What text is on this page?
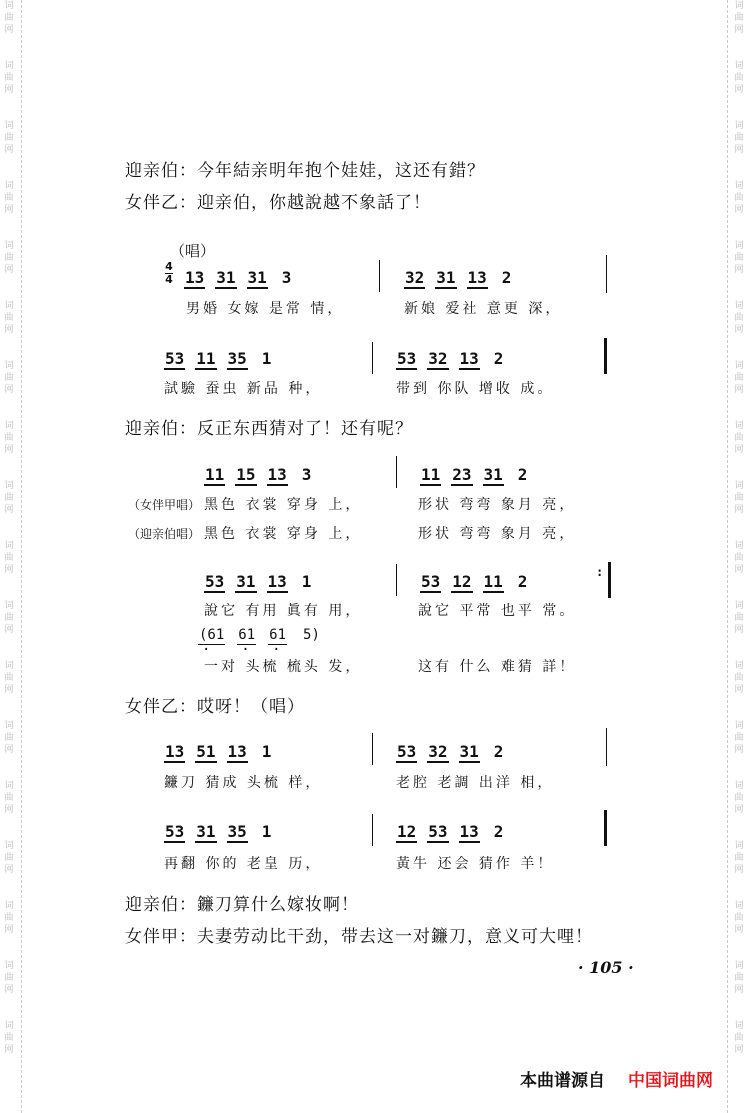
词
曲
网
词
曲
网
词
曲
网
词
曲
网
词
曲
网
词
曲
网
词
曲
网
词
曲
网
词
曲
网
词
曲
网
词
曲
网
词
曲
网
词
曲
网
词
曲
网
词
曲
网
词
曲
网
词
曲
网
词
曲
网
词
曲
网
词
曲
网
词
曲
网
词
曲
网
词
曲
网
词
曲
网
词
曲
网
词
曲
网
词
曲
网
词
曲
网
词
曲
网
词
曲
网
词
曲
网
词
曲
网
词
曲
网
词
曲
网
词
曲
网
词
曲
网
迎亲伯：今年結亲明年抱个娃娃，这还有錯？
女伴乙：迎亲伯，你越說越不象話了！
（唱）
4
4 13 31 31 3	32 31 13 2
男婚 女嫁 是常 情，	新娘 爱社 意更 深，
53 11 35 1	53 32 13 2
試驗 蚕虫 新品 种，	带到 你队 增收 成。
迎亲伯：反正东西猜对了！还有呢？
11 15 13 3	11 23 31 2
（女伴甲唱） 黑色 衣裳 穿身 上，	形状 弯弯 象月 亮，
（迎亲伯唱） 黑色 衣裳 穿身 上，	形状 弯弯 象月 亮，
53 31 13 1	53 12 11 2	:
說它 有用 眞有 用，	說它 平常 也平 常。
(61 · 61 · 61 · 5)
一对 头梳 梳头 发，	这有 什么 难猜 詳！
女伴乙：哎呀！（唱）
13 51 13 1	53 32 31 2
鐮刀 猜成 头梳 样，	老腔 老調 出洋 相，
53 31 35 1	12 53 13 2
再翻 你的 老皇 历，	黃牛 还会 猜作 羊！
迎亲伯：鐮刀算什么嫁妆啊！
女伴甲：夫妻劳动比干劲，带去这一对鐮刀，意义可大哩！
· 105 ·
本曲谱源自 中国词曲网
